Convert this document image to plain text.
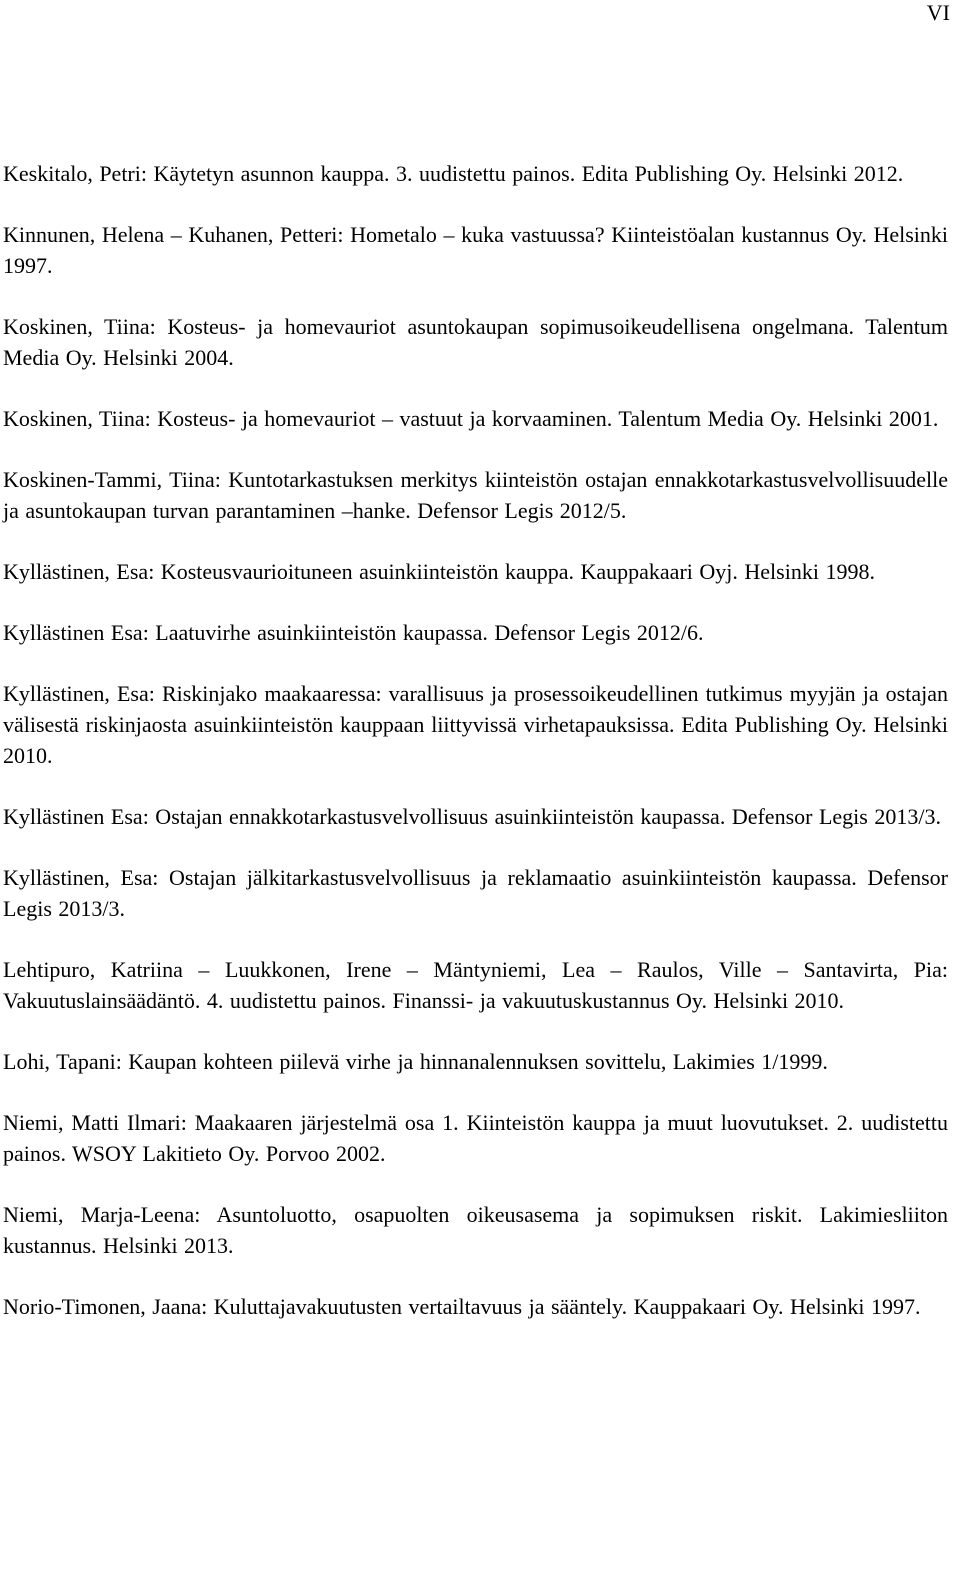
VI

Keskitalo, Petri: Käytetyn asunnon kauppa. 3. uudistettu painos. Edita Publishing Oy. Helsinki 2012.

Kinnunen, Helena – Kuhanen, Petteri: Hometalo – kuka vastuussa? Kiinteistöalan kustannus Oy. Helsinki 1997.

Koskinen, Tiina: Kosteus- ja homevauriot asuntokaupan sopimusoikeudellisena ongelmana. Talentum Media Oy. Helsinki 2004.

Koskinen, Tiina: Kosteus- ja homevauriot – vastuut ja korvaaminen. Talentum Media Oy. Helsinki 2001.

Koskinen-Tammi, Tiina: Kuntotarkastuksen merkitys kiinteistön ostajan ennakkotarkastusvelvollisuudelle ja asuntokaupan turvan parantaminen –hanke. Defensor Legis 2012/5.

Kyllästinen, Esa: Kosteusvaurioituneen asuinkiinteistön kauppa. Kauppakaari Oyj. Helsinki 1998.

Kyllästinen Esa: Laatuvirhe asuinkiinteistön kaupassa. Defensor Legis 2012/6.

Kyllästinen, Esa: Riskinjako maakaaressa: varallisuus ja prosessoikeudellinen tutkimus myyjän ja ostajan välisestä riskinjaosta asuinkiinteistön kauppaan liittyvissä virhetapauksissa. Edita Publishing Oy. Helsinki 2010.

Kyllästinen Esa: Ostajan ennakkotarkastusvelvollisuus asuinkiinteistön kaupassa. Defensor Legis 2013/3.

Kyllästinen, Esa: Ostajan jälkitarkastusvelvollisuus ja reklamaatio asuinkiinteistön kaupassa. Defensor Legis 2013/3.

Lehtipuro, Katriina – Luukkonen, Irene – Mäntyniemi, Lea – Raulos, Ville – Santavirta, Pia: Vakuutuslainsäädäntö. 4. uudistettu painos. Finanssi- ja vakuutuskustannus Oy. Helsinki 2010.

Lohi, Tapani: Kaupan kohteen piilevä virhe ja hinnanalennuksen sovittelu, Lakimies 1/1999.

Niemi, Matti Ilmari: Maakaaren järjestelmä osa 1. Kiinteistön kauppa ja muut luovutukset. 2. uudistettu painos. WSOY Lakitieto Oy. Porvoo 2002.

Niemi, Marja-Leena: Asuntoluotto, osapuolten oikeusasema ja sopimuksen riskit. Lakimiesliiton kustannus. Helsinki 2013.

Norio-Timonen, Jaana: Kuluttajavakuutusten vertailtavuus ja sääntely. Kauppakaari Oy. Helsinki 1997.
